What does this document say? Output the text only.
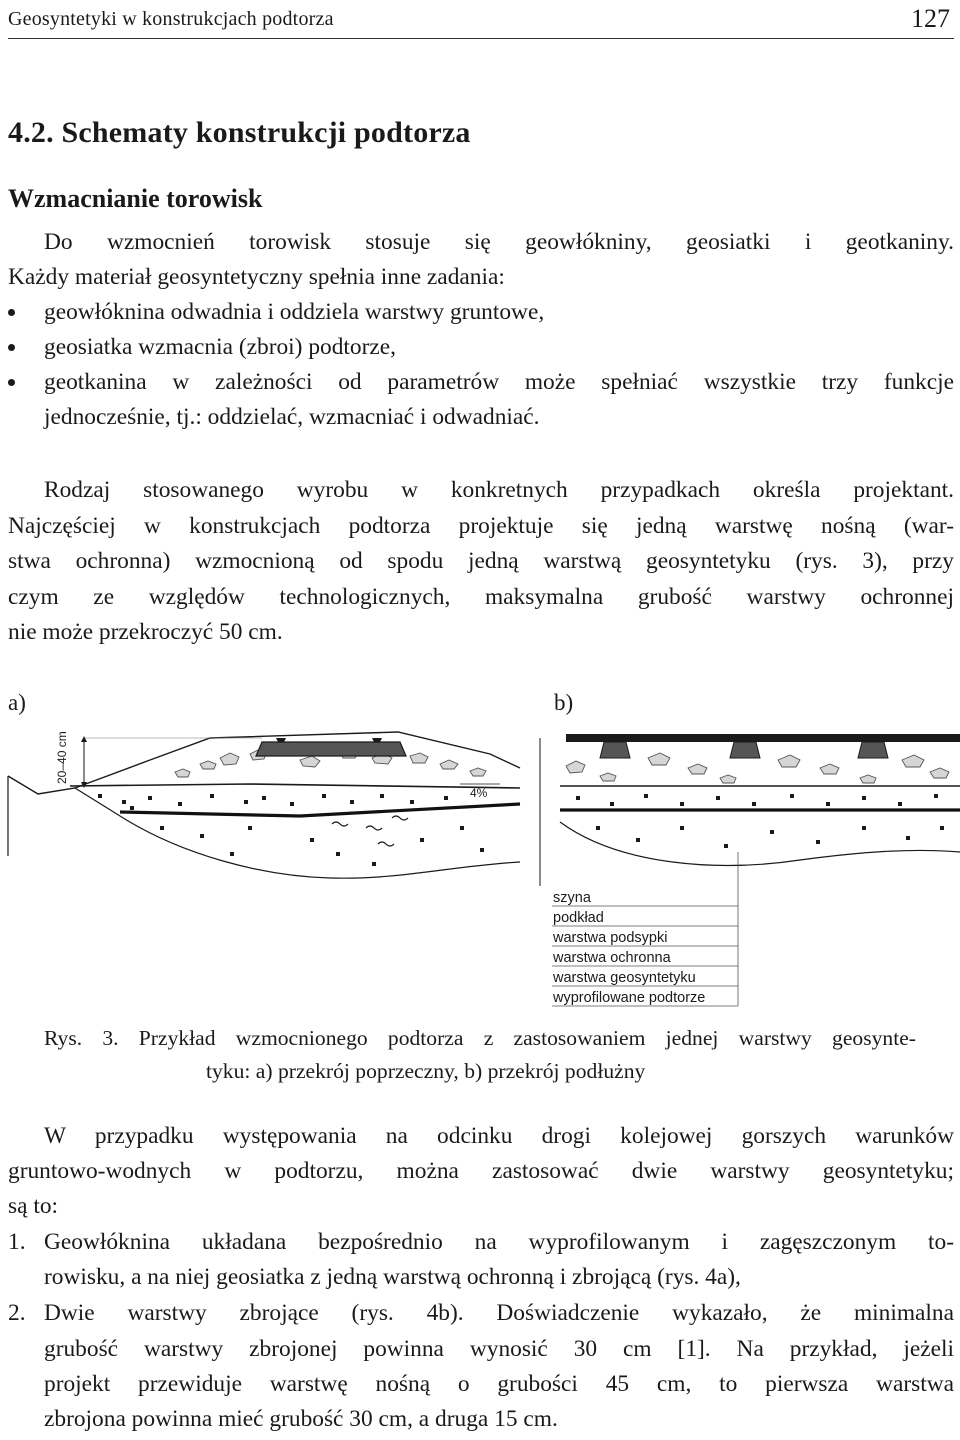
Geosyntetyki w konstrukcjach podtorza	127
4.2. Schematy konstrukcji podtorza
Wzmacnianie torowisk
Do wzmocnień torowisk stosuje się geowłókniny, geosiatki i geotkaniny.
Każdy materiał geosyntetyczny spełnia inne zadania:
geowłóknina odwadnia i oddziela warstwy gruntowe,
geosiatka wzmacnia (zbroi) podtorze,
geotkanina w zależności od parametrów może spełniać wszystkie trzy funkcje
jednocześnie, tj.: oddzielać, wzmacniać i odwadniać.
Rodzaj stosowanego wyrobu w konkretnych przypadkach określa projektant.
Najczęściej w konstrukcjach podtorza projektuje się jedną warstwę nośną (war-
stwa ochronna) wzmocnioną od spodu jedną warstwą geosyntetyku (rys. 3), przy
czym ze względów technologicznych, maksymalna grubość warstwy ochronnej
nie może przekroczyć 50 cm.
a)	b)
20–40 cm
4%
szyna
podkład
warstwa podsypki
warstwa ochronna
warstwa geosyntetyku
wyprofilowane podtorze
Rys. 3. Przykład wzmocnionego podtorza z zastosowaniem jednej warstwy geosynte-
tyku: a) przekrój poprzeczny, b) przekrój podłużny
W przypadku występowania na odcinku drogi kolejowej gorszych warunków
gruntowo-wodnych w podtorzu, można zastosować dwie warstwy geosyntetyku;
są to:
1. Geowłóknina układana bezpośrednio na wyprofilowanym i zagęszczonym to-
rowisku, a na niej geosiatka z jedną warstwą ochronną i zbrojącą (rys. 4a),
2. Dwie warstwy zbrojące (rys. 4b). Doświadczenie wykazało, że minimalna
grubość warstwy zbrojonej powinna wynosić 30 cm [1]. Na przykład, jeżeli
projekt przewiduje warstwę nośną o grubości 45 cm, to pierwsza warstwa
zbrojona powinna mieć grubość 30 cm, a druga 15 cm.
